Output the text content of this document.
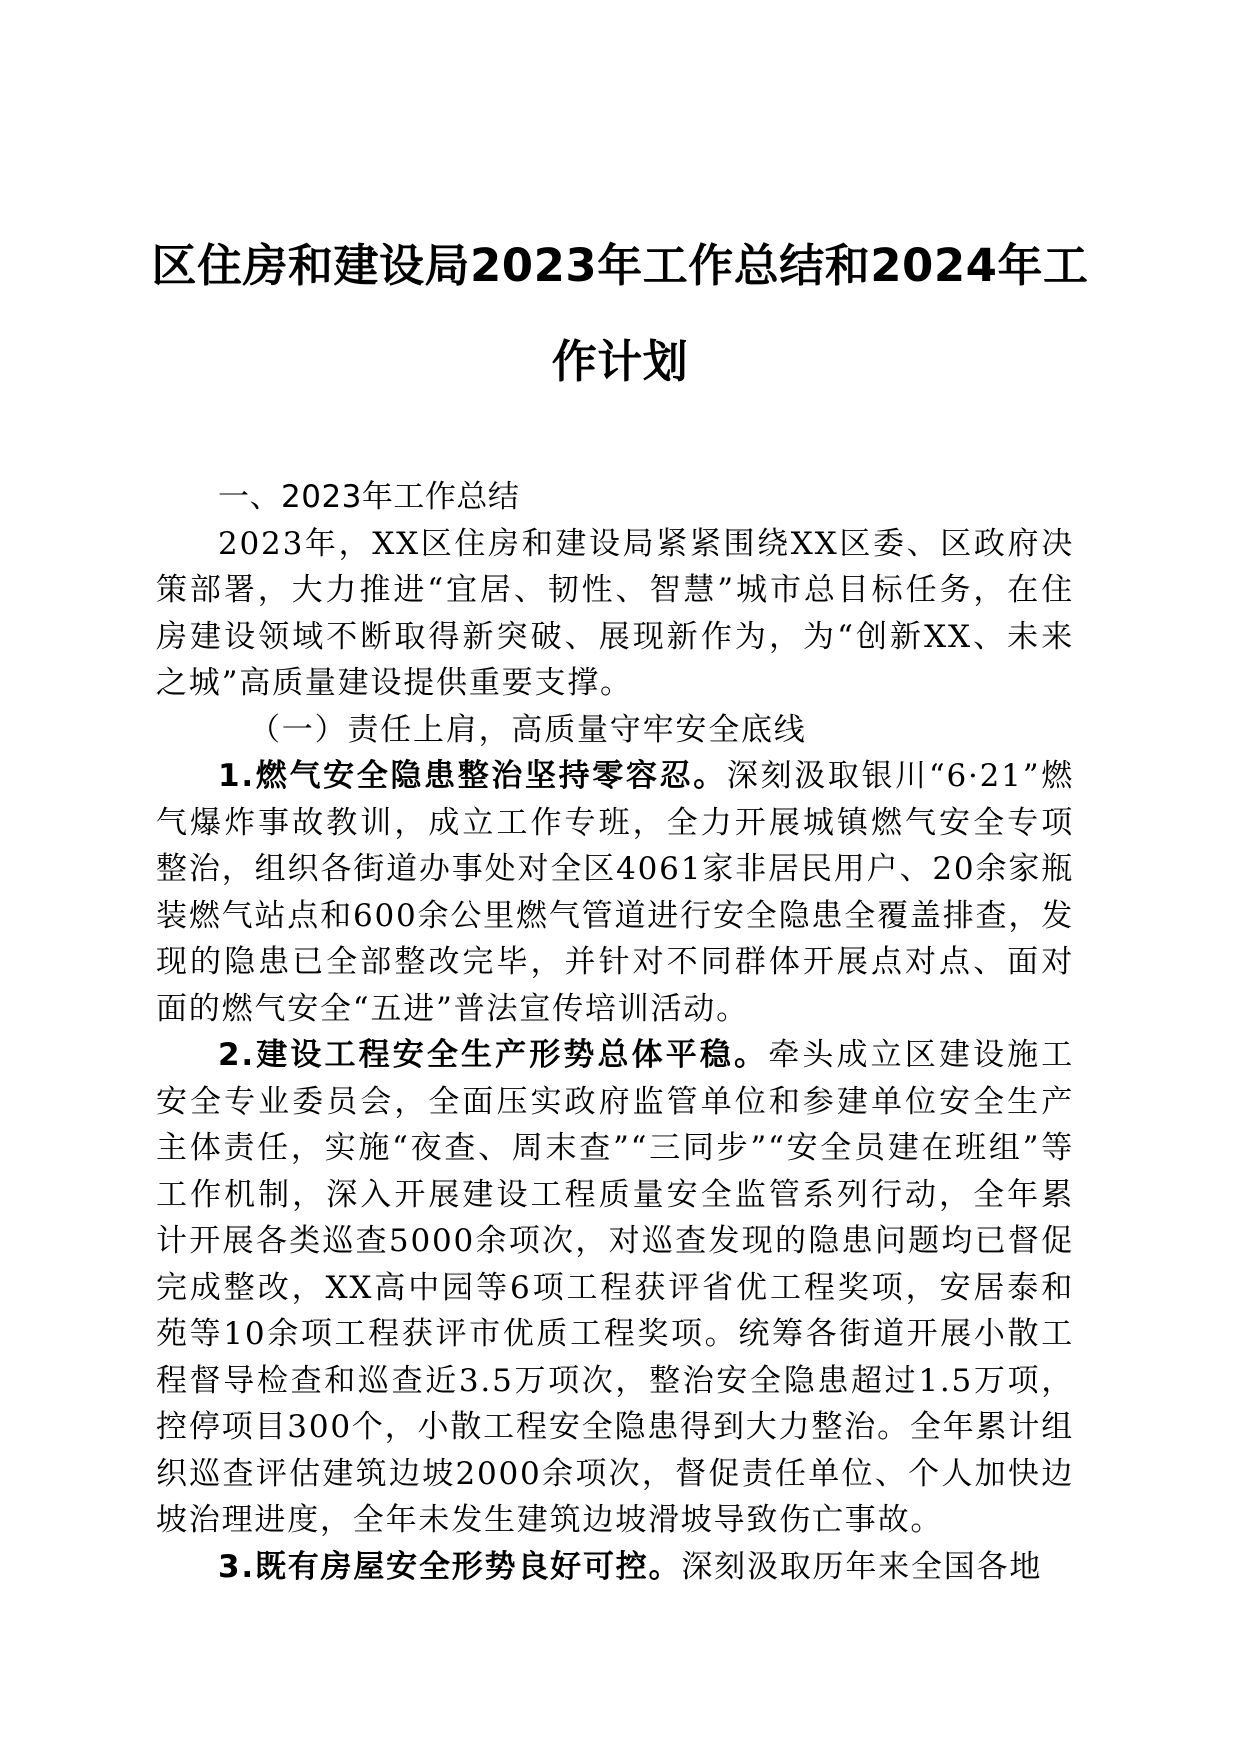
区住房和建设局2023年工作总结和2024年工作计划

一、2023年工作总结

2023年，XX区住房和建设局紧紧围绕XX区委、区政府决策部署，大力推进“宜居、韧性、智慧”城市总目标任务，在住房建设领域不断取得新突破、展现新作为，为“创新XX、未来之城”高质量建设提供重要支撑。

（一）责任上肩，高质量守牢安全底线

1.燃气安全隐患整治坚持零容忍。深刻汲取银川“6·21”燃气爆炸事故教训，成立工作专班，全力开展城镇燃气安全专项整治，组织各街道办事处对全区4061家非居民用户、20余家瓶装燃气站点和600余公里燃气管道进行安全隐患全覆盖排查，发现的隐患已全部整改完毕，并针对不同群体开展点对点、面对面的燃气安全“五进”普法宣传培训活动。

2.建设工程安全生产形势总体平稳。牵头成立区建设施工安全专业委员会，全面压实政府监管单位和参建单位安全生产主体责任，实施“夜查、周末查”“三同步”“安全员建在班组”等工作机制，深入开展建设工程质量安全监管系列行动，全年累计开展各类巡查5000余项次，对巡查发现的隐患问题均已督促完成整改，XX高中园等6项工程获评省优工程奖项，安居泰和苑等10余项工程获评市优质工程奖项。统筹各街道开展小散工程督导检查和巡查近3.5万项次，整治安全隐患超过1.5万项，控停项目300个，小散工程安全隐患得到大力整治。全年累计组织巡查评估建筑边坡2000余项次，督促责任单位、个人加快边坡治理进度，全年未发生建筑边坡滑坡导致伤亡事故。

3.既有房屋安全形势良好可控。深刻汲取历年来全国各地
